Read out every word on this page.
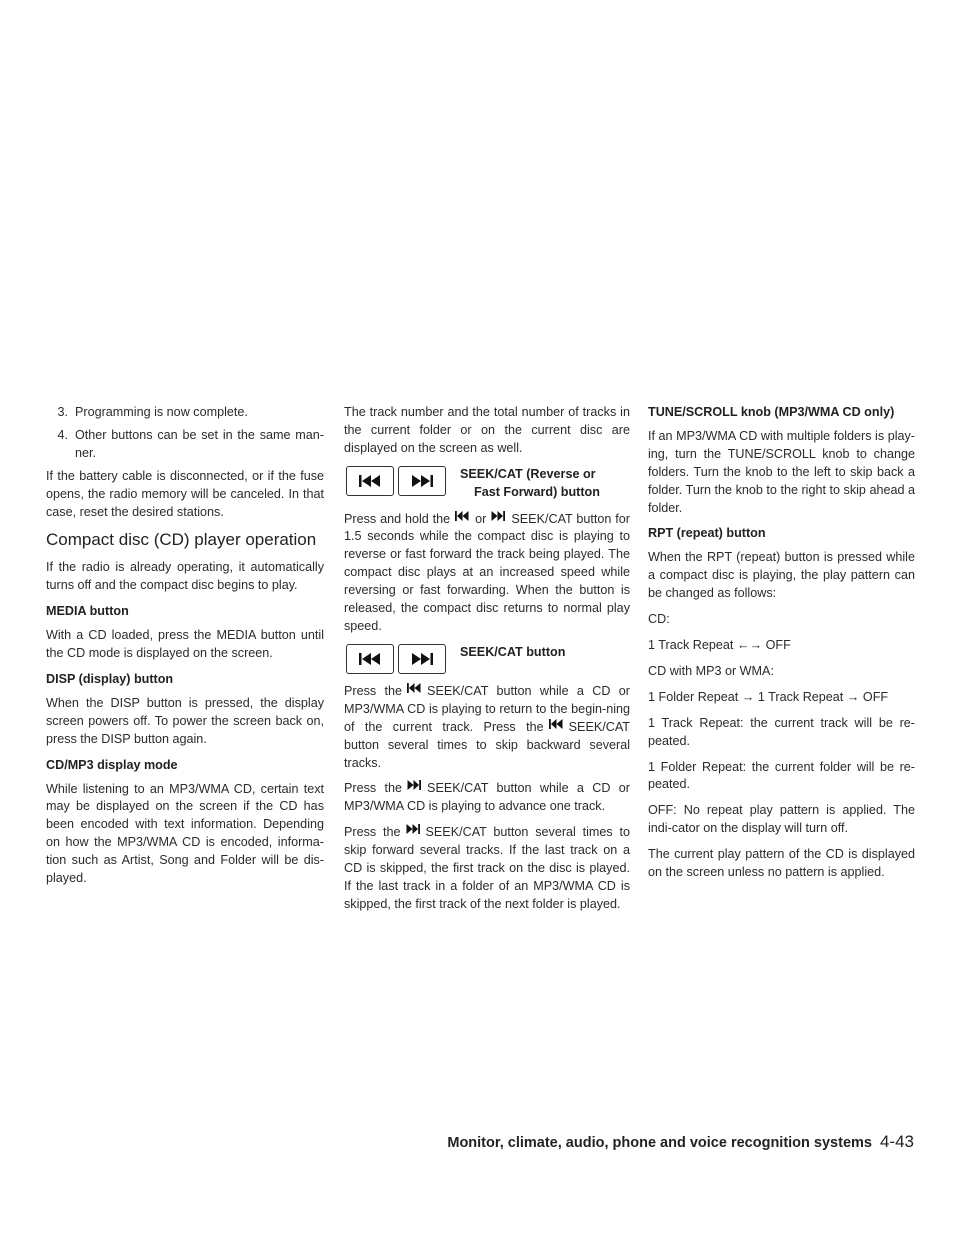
3. Programming is now complete.
4. Other buttons can be set in the same man-ner.

If the battery cable is disconnected, or if the fuse opens, the radio memory will be canceled. In that case, reset the desired stations.

Compact disc (CD) player operation

If the radio is already operating, it automatically turns off and the compact disc begins to play.

MEDIA button

With a CD loaded, press the MEDIA button until the CD mode is displayed on the screen.

DISP (display) button

When the DISP button is pressed, the display screen powers off. To power the screen back on, press the DISP button again.

CD/MP3 display mode

While listening to an MP3/WMA CD, certain text may be displayed on the screen if the CD has been encoded with text information. Depending on how the MP3/WMA CD is encoded, informa-tion such as Artist, Song and Folder will be dis-played.

The track number and the total number of tracks in the current folder or on the current disc are displayed on the screen as well.

SEEK/CAT (Reverse or
Fast Forward) button

Press and hold the or SEEK/CAT button for 1.5 seconds while the compact disc is playing to reverse or fast forward the track being played. The compact disc plays at an increased speed while reversing or fast forwarding. When the button is released, the compact disc returns to normal play speed.

SEEK/CAT button

Press the SEEK/CAT button while a CD or MP3/WMA CD is playing to return to the begin-ning of the current track. Press the SEEK/CAT button several times to skip backward several tracks.

Press the SEEK/CAT button while a CD or MP3/WMA CD is playing to advance one track.

Press the SEEK/CAT button several times to skip forward several tracks. If the last track on a CD is skipped, the first track on the disc is played. If the last track in a folder of an MP3/WMA CD is skipped, the first track of the next folder is played.

TUNE/SCROLL knob (MP3/WMA CD only)

If an MP3/WMA CD with multiple folders is play-ing, turn the TUNE/SCROLL knob to change folders. Turn the knob to the left to skip back a folder. Turn the knob to the right to skip ahead a folder.

RPT (repeat) button

When the RPT (repeat) button is pressed while a compact disc is playing, the play pattern can be changed as follows:

CD:

1 Track Repeat ←→ OFF

CD with MP3 or WMA:

1 Folder Repeat → 1 Track Repeat → OFF

1 Track Repeat: the current track will be re-peated.

1 Folder Repeat: the current folder will be re-peated.

OFF: No repeat play pattern is applied. The indi-cator on the display will turn off.

The current play pattern of the CD is displayed on the screen unless no pattern is applied.

Monitor, climate, audio, phone and voice recognition systems 4-43
